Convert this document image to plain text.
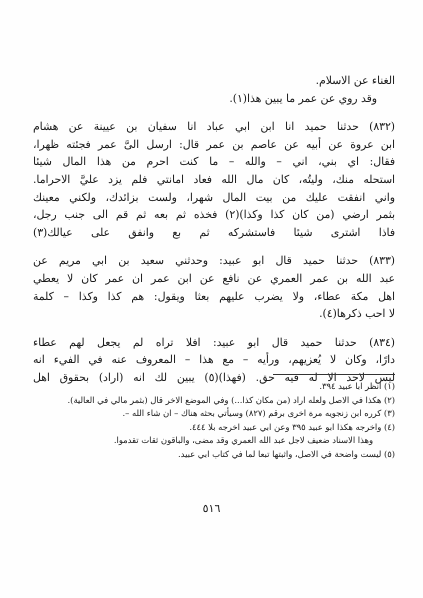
الغناء عن الاسلام.
وقد روي عن عمر ما يبين هذا(١).
(٨٣٢) حدثنا حميد انا ابن ابي عباد انا سفيان بن عيينة عن هشام
ابن عروة عن أبيه عن عاصم بن عمر قال: ارسل الىَّ عمر فجئته ظهرا،
فقال: اي بني، اني – والله – ما كنت احرم من هذا المال شيئا
استحله منك، وليتُه، كان مال الله فعاد امانتي فلم يزد عليَّ الاحراما.
واني انفقت عليك من بيت المال شهرا، ولست بزائدك، ولكني معينك
بثمر ارضي (من كان كذا وكذا)(٢) فخذه ثم بعه ثم قم الى جنب رجل،
فاذا اشترى شيئا فاستشركه ثم بع وانفق على عيالك(٣)
(٨٣٣) حدثنا حميد قال ابو عبيد: وحدثني سعيد بن ابي مريم عن
عبد الله بن عمر العمري عن نافع عن ابن عمر ان عمر كان لا يعطي
اهل مكة عطاء، ولا يضرب عليهم بعثا ويقول: هم كذا وكذا – كلمة
لا احب ذكرها(٤).
(٨٣٤) حدثنا حميد قال ابو عبيد: افلا تراه لم يجعل لهم عطاء
دارًا، وكان لا يُعزيهم، ورأيه – مع هذا – المعروف عنه في الفيء انه
ليس لاحد الا له فيه حق. (فهذا)(٥) يبين لك انه (اراد) بحقوق اهل
(١) انظر ابا عبيد ٣٩٤.
(٢) هكذا في الاصل ولعله اراد (من مكان كذا...) وفي الموضع الاخر قال (بثمر مالي في العالية).
(٣) كرره ابن زنجويه مرة اخرى برقم (٨٢٧) وسيأتي بحثه هناك – ان شاء الله –.
(٤) واخرجه هكذا ابو عبيد ٣٩٥ وعن ابي عبيد اخرجه بلا ٤٤٤.
وهذا الاسناد ضعيف لاجل عبد الله العمري وقد مضى، والباقون ثقات تقدموا.
(٥) ليست واضحة في الاصل، واثبتها تبعا لما في كتاب ابي عبيد.
٥١٦
